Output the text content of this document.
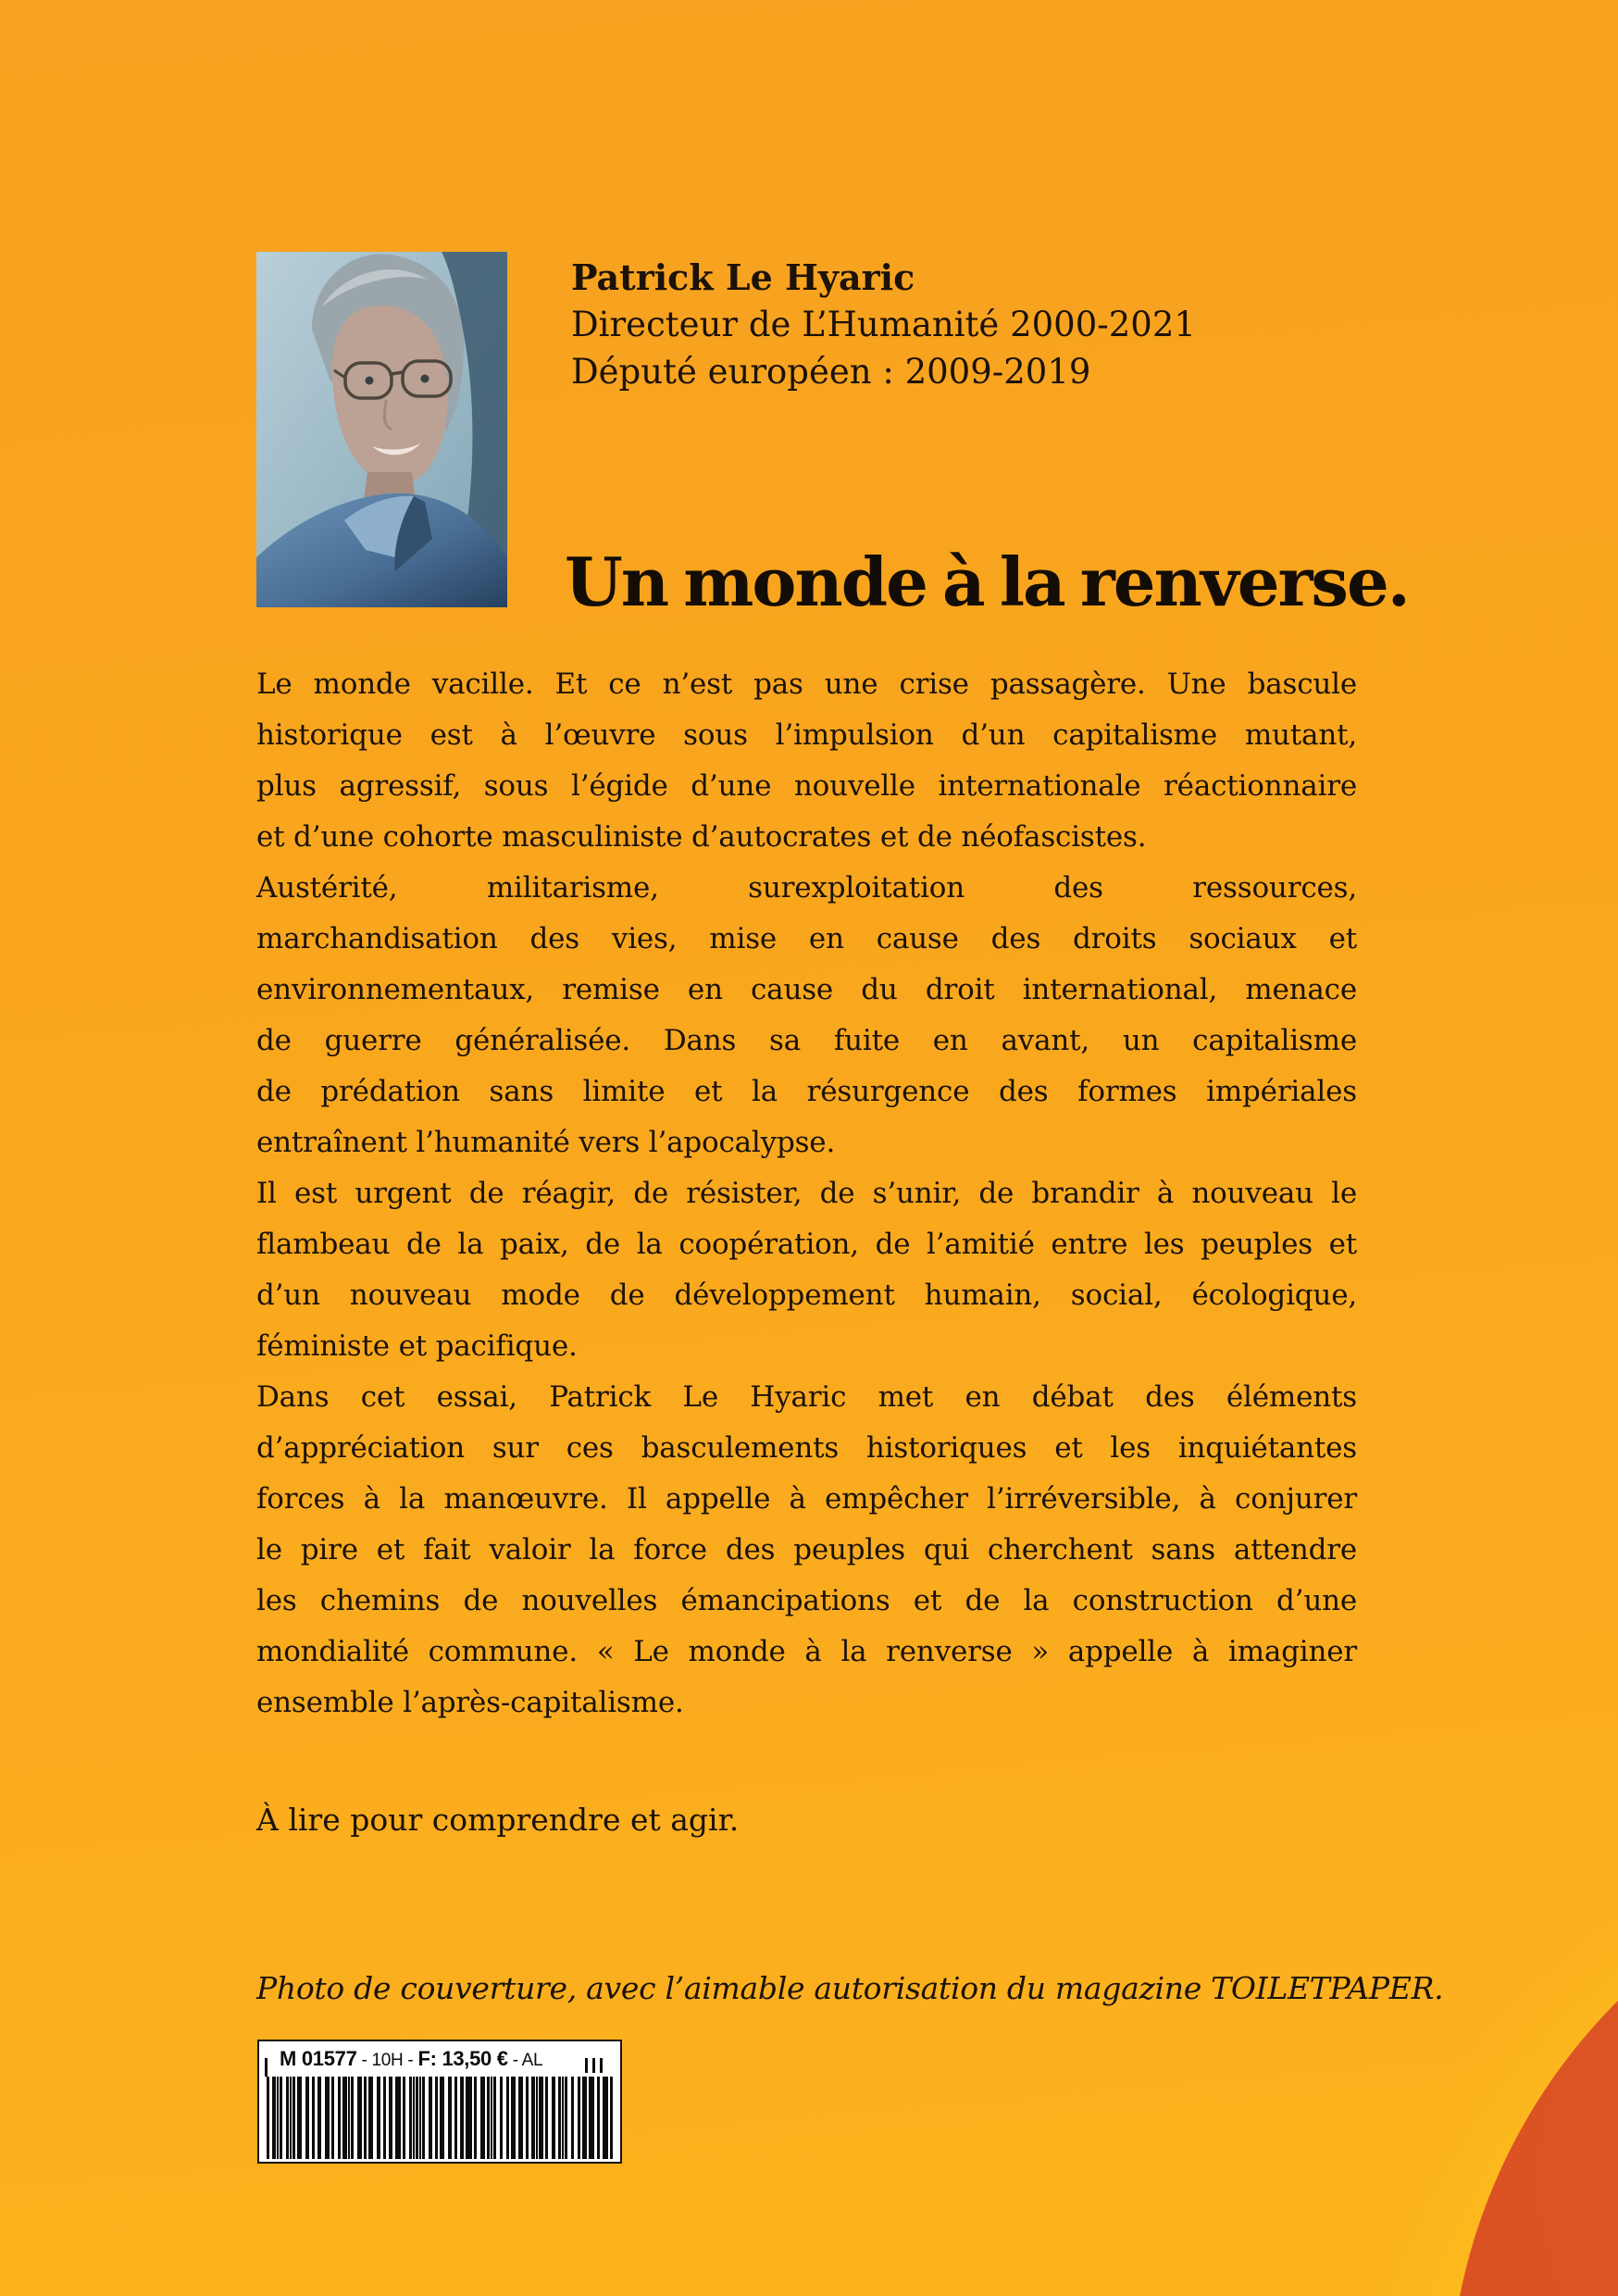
Patrick Le Hyaric
Directeur de L’Humanité 2000-2021
Député européen : 2009-2019
Un monde à la renverse.
Le monde vacille. Et ce n’est pas une crise passagère. Une bascule
historique est à l’œuvre sous l’impulsion d’un capitalisme mutant,
plus agressif, sous l’égide d’une nouvelle internationale réactionnaire
et d’une cohorte masculiniste d’autocrates et de néofascistes.
Austérité, militarisme, surexploitation des ressources,
marchandisation des vies, mise en cause des droits sociaux et
environnementaux, remise en cause du droit international, menace
de guerre généralisée. Dans sa fuite en avant, un capitalisme
de prédation sans limite et la résurgence des formes impériales
entraînent l’humanité vers l’apocalypse.
Il est urgent de réagir, de résister, de s’unir, de brandir à nouveau le
flambeau de la paix, de la coopération, de l’amitié entre les peuples et
d’un nouveau mode de développement humain, social, écologique,
féministe et pacifique.
Dans cet essai, Patrick Le Hyaric met en débat des éléments
d’appréciation sur ces basculements historiques et les inquiétantes
forces à la manœuvre. Il appelle à empêcher l’irréversible, à conjurer
le pire et fait valoir la force des peuples qui cherchent sans attendre
les chemins de nouvelles émancipations et de la construction d’une
mondialité commune. « Le monde à la renverse » appelle à imaginer
ensemble l’après-capitalisme.
À lire pour comprendre et agir.
Photo de couverture, avec l’aimable autorisation du magazine TOILETPAPER.
M 01577 - 10H - F: 13,50 € - AL
